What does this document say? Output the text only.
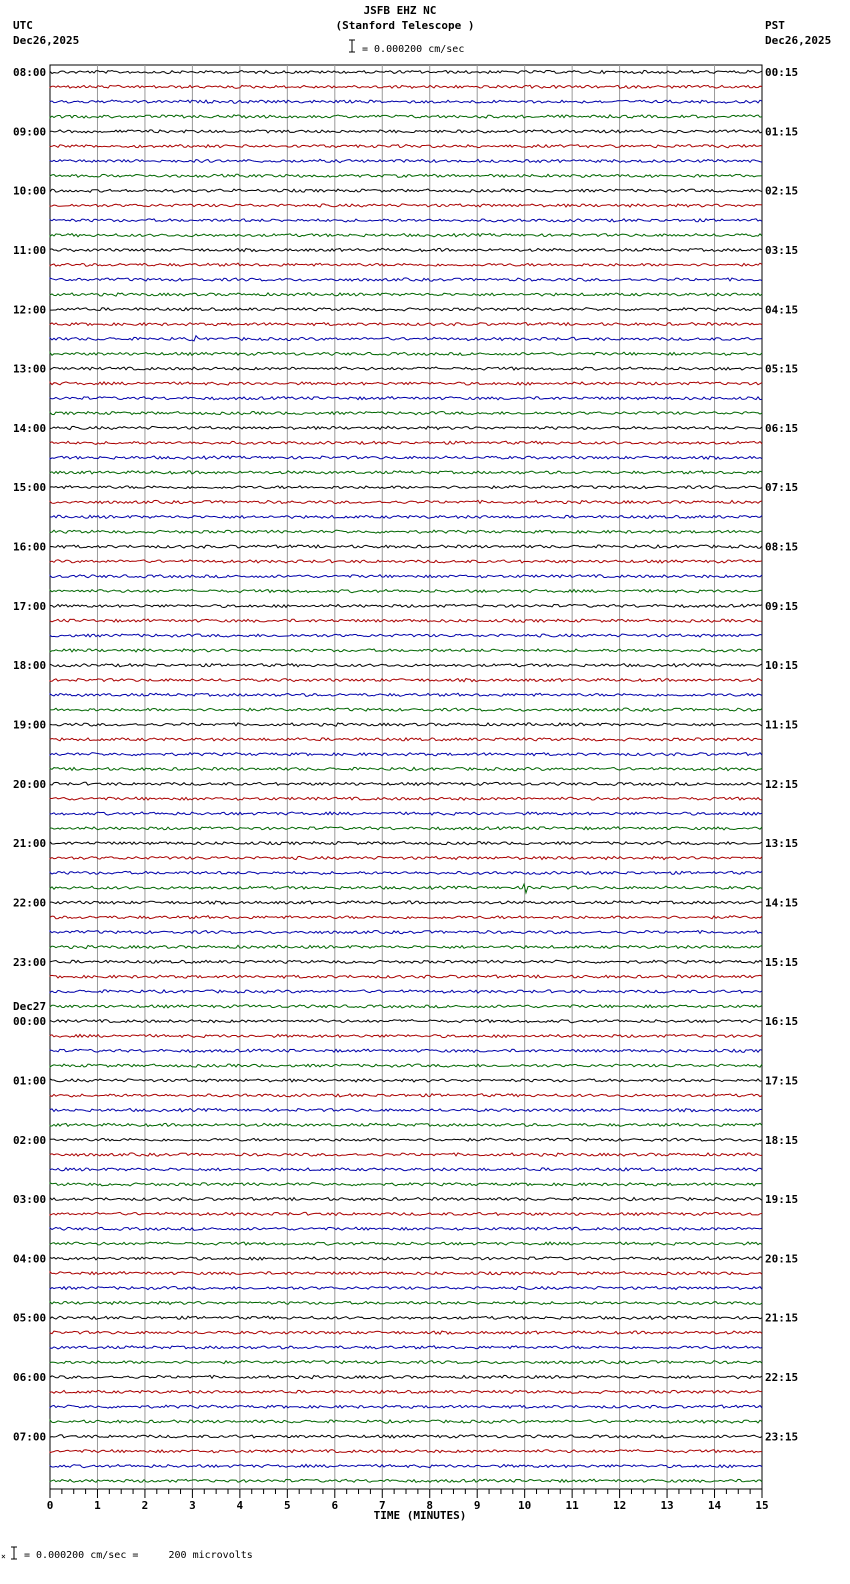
JSFB EHZ NC
(Stanford Telescope )
UTC
Dec26,2025
PST
Dec26,2025
= 0.000200 cm/sec
08:00	00:15
09:00	01:15
10:00	02:15
11:00	03:15
12:00	04:15
13:00	05:15
14:00	06:15
15:00	07:15
16:00	08:15
17:00	09:15
18:00	10:15
19:00	11:15
20:00	12:15
21:00	13:15
22:00	14:15
23:00	15:15
00:00	16:15
01:00	17:15
02:00	18:15
03:00	19:15
04:00	20:15
05:00	21:15
06:00	22:15
07:00	23:15
Dec27
0	1	2	3	4	5	6	7	8	9	10	11	12	13	14	15
TIME (MINUTES)
× = 0.000200 cm/sec =     200 microvolts
